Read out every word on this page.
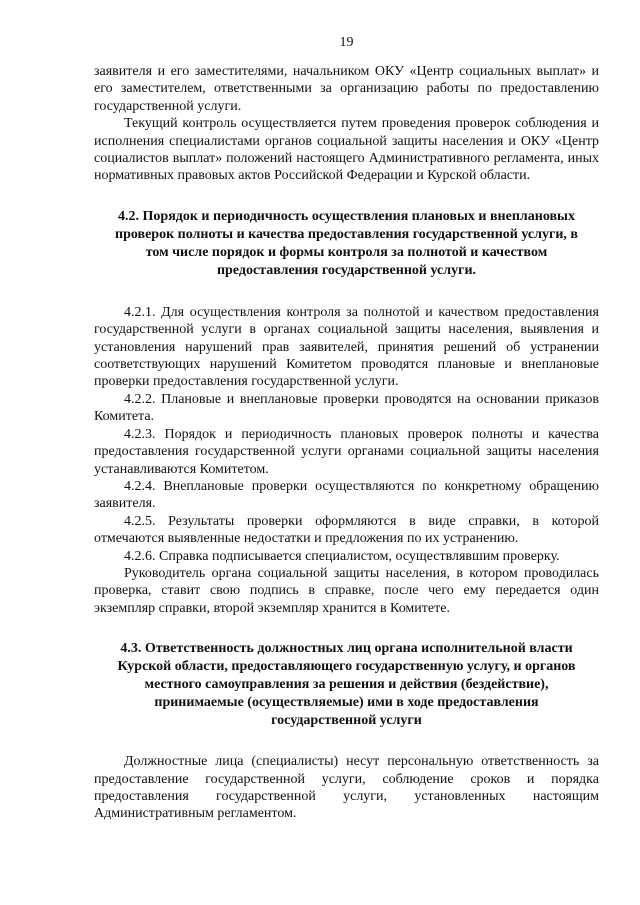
19

заявителя и его заместителями, начальником ОКУ «Центр социальных выплат» и его заместителем, ответственными за организацию работы по предоставлению государственной услуги.

Текущий контроль осуществляется путем проведения проверок соблюдения и исполнения специалистами органов социальной защиты населения и ОКУ «Центр социалистов выплат» положений настоящего Административного регламента, иных нормативных правовых актов Российской Федерации и Курской области.

4.2. Порядок и периодичность осуществления плановых и внеплановых проверок полноты и качества предоставления государственной услуги, в том числе порядок и формы контроля за полнотой и качеством предоставления государственной услуги.

4.2.1. Для осуществления контроля за полнотой и качеством предоставления государственной услуги в органах социальной защиты населения, выявления и установления нарушений прав заявителей, принятия решений об устранении соответствующих нарушений Комитетом проводятся плановые и внеплановые проверки предоставления государственной услуги.

4.2.2. Плановые и внеплановые проверки проводятся на основании приказов Комитета.

4.2.3. Порядок и периодичность плановых проверок полноты и качества предоставления государственной услуги органами социальной защиты населения устанавливаются Комитетом.

4.2.4. Внеплановые проверки осуществляются по конкретному обращению заявителя.

4.2.5. Результаты проверки оформляются в виде справки, в которой отмечаются выявленные недостатки и предложения по их устранению.

4.2.6. Справка подписывается специалистом, осуществлявшим проверку.

Руководитель органа социальной защиты населения, в котором проводилась проверка, ставит свою подпись в справке, после чего ему передается один экземпляр справки, второй экземпляр хранится в Комитете.

4.3. Ответственность должностных лиц органа исполнительной власти Курской области, предоставляющего государственную услугу, и органов местного самоуправления за решения и действия (бездействие), принимаемые (осуществляемые) ими в ходе предоставления государственной услуги

Должностные лица (специалисты) несут персональную ответственность за предоставление государственной услуги, соблюдение сроков и порядка предоставления государственной услуги, установленных настоящим Административным регламентом.
